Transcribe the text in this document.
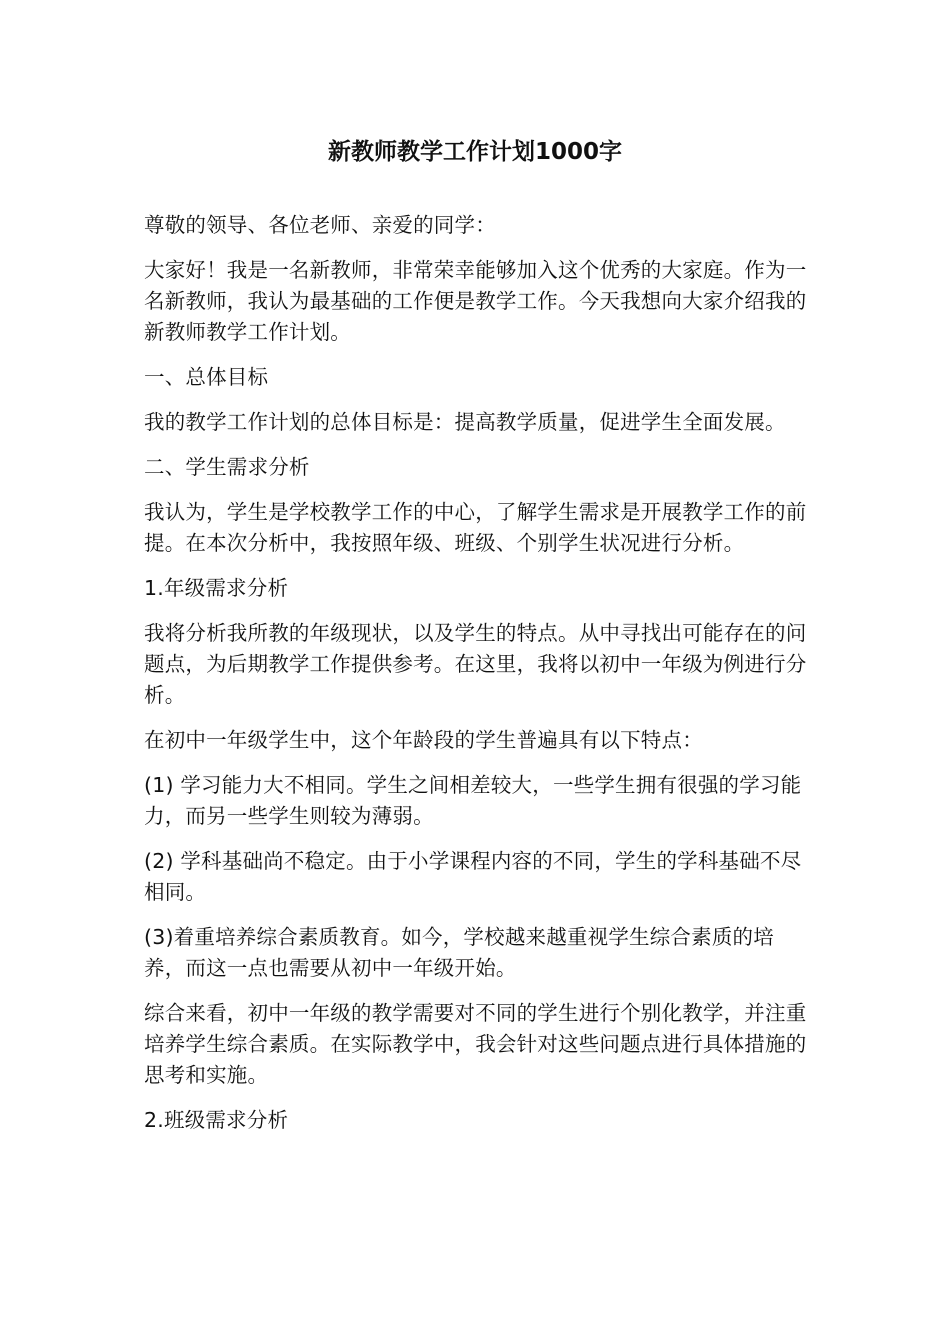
新教师教学工作计划1000字

尊敬的领导、各位老师、亲爱的同学：

大家好！我是一名新教师，非常荣幸能够加入这个优秀的大家庭。作为一名新教师，我认为最基础的工作便是教学工作。今天我想向大家介绍我的新教师教学工作计划。

一、总体目标

我的教学工作计划的总体目标是：提高教学质量，促进学生全面发展。

二、学生需求分析

我认为，学生是学校教学工作的中心，了解学生需求是开展教学工作的前提。在本次分析中，我按照年级、班级、个别学生状况进行分析。

1.年级需求分析

我将分析我所教的年级现状，以及学生的特点。从中寻找出可能存在的问题点，为后期教学工作提供参考。在这里，我将以初中一年级为例进行分析。

在初中一年级学生中，这个年龄段的学生普遍具有以下特点：

(1) 学习能力大不相同。学生之间相差较大，一些学生拥有很强的学习能力，而另一些学生则较为薄弱。

(2) 学科基础尚不稳定。由于小学课程内容的不同，学生的学科基础不尽相同。

(3)着重培养综合素质教育。如今，学校越来越重视学生综合素质的培养，而这一点也需要从初中一年级开始。

综合来看，初中一年级的教学需要对不同的学生进行个别化教学，并注重培养学生综合素质。在实际教学中，我会针对这些问题点进行具体措施的思考和实施。

2.班级需求分析
